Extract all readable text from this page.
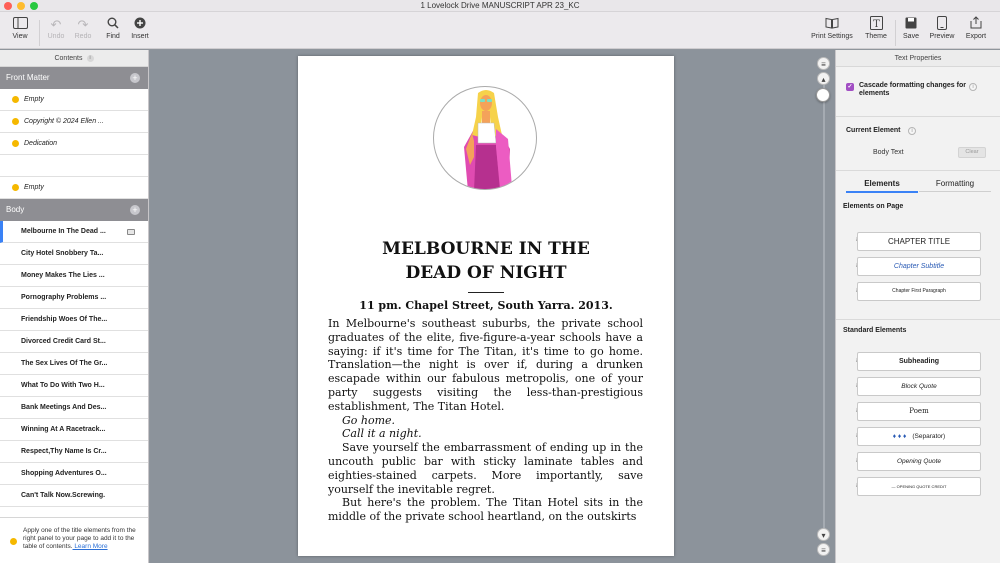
1 Lovelock Drive MANUSCRIPT APR 23_KC
View
↶
Undo
↷
Redo	Find	Insert	Print Settings
T
Theme	Save	Preview	Export
Contents i
Front Matter	+
Empty
Copyright © 2024 Ellen ...
Dedication
Empty
Body	+
Melbourne In The Dead ...
City Hotel Snobbery Ta...
Money Makes The Lies ...
Pornography Problems ...
Friendship Woes Of The...
Divorced Credit Card St...
The Sex Lives Of The Gr...
What To Do With Two H...
Bank Meetings And Des...
Winning At A Racetrack...
Respect,Thy Name Is Cr...
Shopping Adventures O...
Can't Talk Now.Screwing.
Apply one of the title elements from the right panel to your page to add it to the table of contents. Learn More
MELBOURNE IN THE
DEAD OF NIGHT
11 pm. Chapel Street, South Yarra. 2013.

In Melbourne's southeast suburbs, the private school graduates of the elite, five-figure-a-year schools have a saying: if it's time for The Titan, it's time to go home. Translation—the night is over if, during a drunken escapade within our fabulous metropolis, one of your party suggests visiting the less-than-prestigious establishment, The Titan Hotel.

Go home.

Call it a night.

Save yourself the embarrassment of ending up in the uncouth public bar with sticky laminate tables and eighties-stained carpets. More importantly, save yourself the inevitable regret.

But here's the problem. The Titan Hotel sits in the middle of the private school heartland, on the outskirts

≡
▴
▾
≡
Text Properties
✓ Cascade formatting changes for elements
i
Current Element	i
Body Text	Clear
Elements	Formatting
Elements on Page
CHAPTER TITLE
Chapter Subtitle
Chapter First Paragraph
Standard Elements
Subheading
Block Quote
Poem
♦ ♦ ♦ (Separator)
Opening Quote
— OPENING QUOTE CREDIT
